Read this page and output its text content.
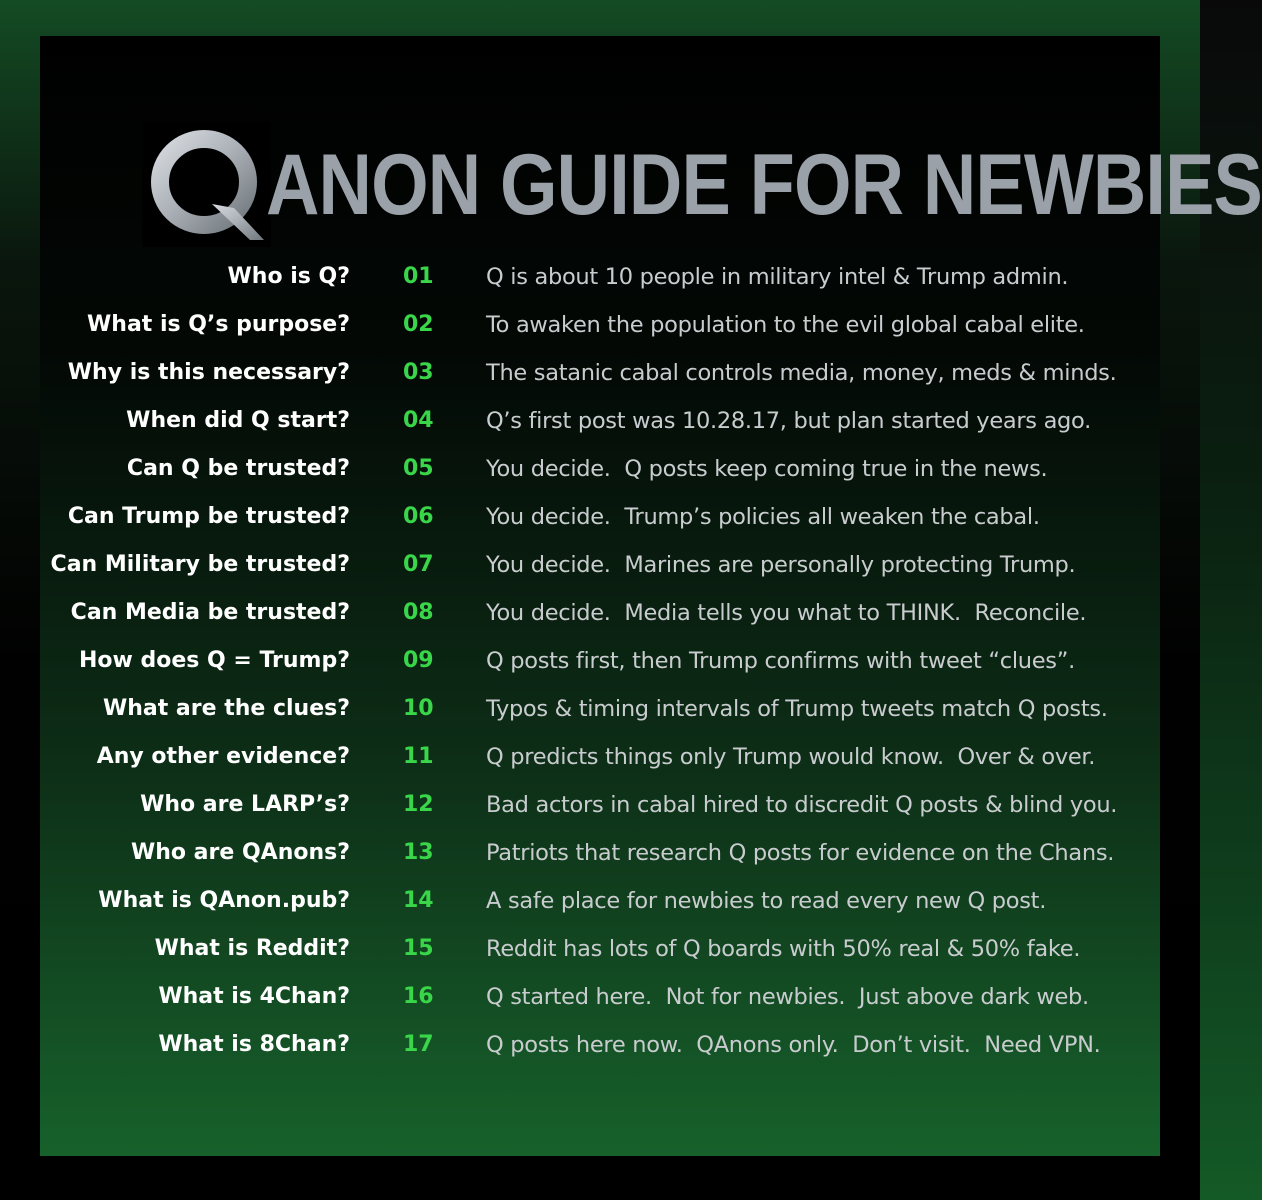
ANON GUIDE FOR NEWBIES
Who is Q? 01 Q is about 10 people in military intel & Trump admin.
What is Q’s purpose? 02 To awaken the population to the evil global cabal elite.
Why is this necessary? 03 The satanic cabal controls media, money, meds & minds.
When did Q start? 04 Q’s first post was 10.28.17, but plan started years ago.
Can Q be trusted? 05 You decide.  Q posts keep coming true in the news.
Can Trump be trusted? 06 You decide.  Trump’s policies all weaken the cabal.
Can Military be trusted? 07 You decide.  Marines are personally protecting Trump.
Can Media be trusted? 08 You decide.  Media tells you what to THINK.  Reconcile.
How does Q = Trump? 09 Q posts first, then Trump confirms with tweet “clues”.
What are the clues? 10 Typos & timing intervals of Trump tweets match Q posts.
Any other evidence? 11 Q predicts things only Trump would know.  Over & over.
Who are LARP’s? 12 Bad actors in cabal hired to discredit Q posts & blind you.
Who are QAnons? 13 Patriots that research Q posts for evidence on the Chans.
What is QAnon.pub? 14 A safe place for newbies to read every new Q post.
What is Reddit? 15 Reddit has lots of Q boards with 50% real & 50% fake.
What is 4Chan? 16 Q started here.  Not for newbies.  Just above dark web.
What is 8Chan? 17 Q posts here now.  QAnons only.  Don’t visit.  Need VPN.
